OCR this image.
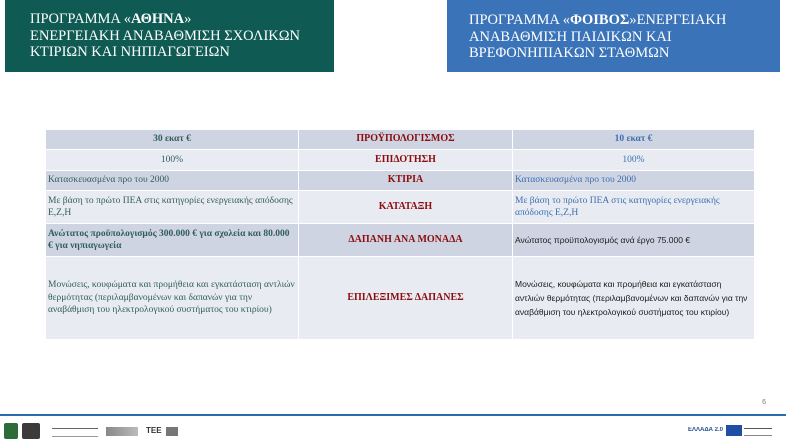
ΠΡΟΓΡΑΜΜΑ «ΑΘΗΝΑ»
ΕΝΕΡΓΕΙΑΚΗ ΑΝΑΒΑΘΜΙΣΗ ΣΧΟΛΙΚΩΝ
ΚΤΙΡΙΩΝ ΚΑΙ ΝΗΠΙΑΓΩΓΕΙΩΝ
ΠΡΟΓΡΑΜΜΑ «ΦΟΙΒΟΣ»ΕΝΕΡΓΕΙΑΚΗ
ΑΝΑΒΑΘΜΙΣΗ ΠΑΙΔΙΚΩΝ ΚΑΙ
ΒΡΕΦΟΝΗΠΙΑΚΩΝ ΣΤΑΘΜΩΝ
30 εκατ €	ΠΡΟΫΠΟΛΟΓΙΣΜΟΣ	10 εκατ €
100%	ΕΠΙΔΟΤΗΣΗ	100%
Κατασκευασμένα προ του 2000	ΚΤΙΡΙΑ	Κατασκευασμένα προ του 2000
Με βάση το πρώτο ΠΕΑ στις κατηγορίες ενεργειακής απόδοσης Ε,Ζ,Η	ΚΑΤΑΤΑΞΗ	Με βάση το πρώτο ΠΕΑ στις κατηγορίες ενεργειακής απόδοσης Ε,Ζ,Η
Ανώτατος προϋπολογισμός 300.000 € για σχολεία και 80.000 € για νηπιαγωγεία	ΔΑΠΑΝΗ ΑΝΑ ΜΟΝΑΔΑ	Ανώτατος προϋπολογισμός ανά έργο 75.000 €
Μονώσεις, κουφώματα και προμήθεια και εγκατάσταση αντλιών θερμότητας (περιλαμβανομένων και δαπανών για την αναβάθμιση του ηλεκτρολογικού συστήματος του κτιρίου)	ΕΠΙΛΕΞΙΜΕΣ ΔΑΠΑΝΕΣ	Μονώσεις, κουφώματα και προμήθεια και εγκατάσταση αντλιών θερμότητας (περιλαμβανομένων και δαπανών για την αναβάθμιση του ηλεκτρολογικού συστήματος του κτιρίου)
6
ΤΕΕ	ΕΛΛΑΔΑ 2.0
